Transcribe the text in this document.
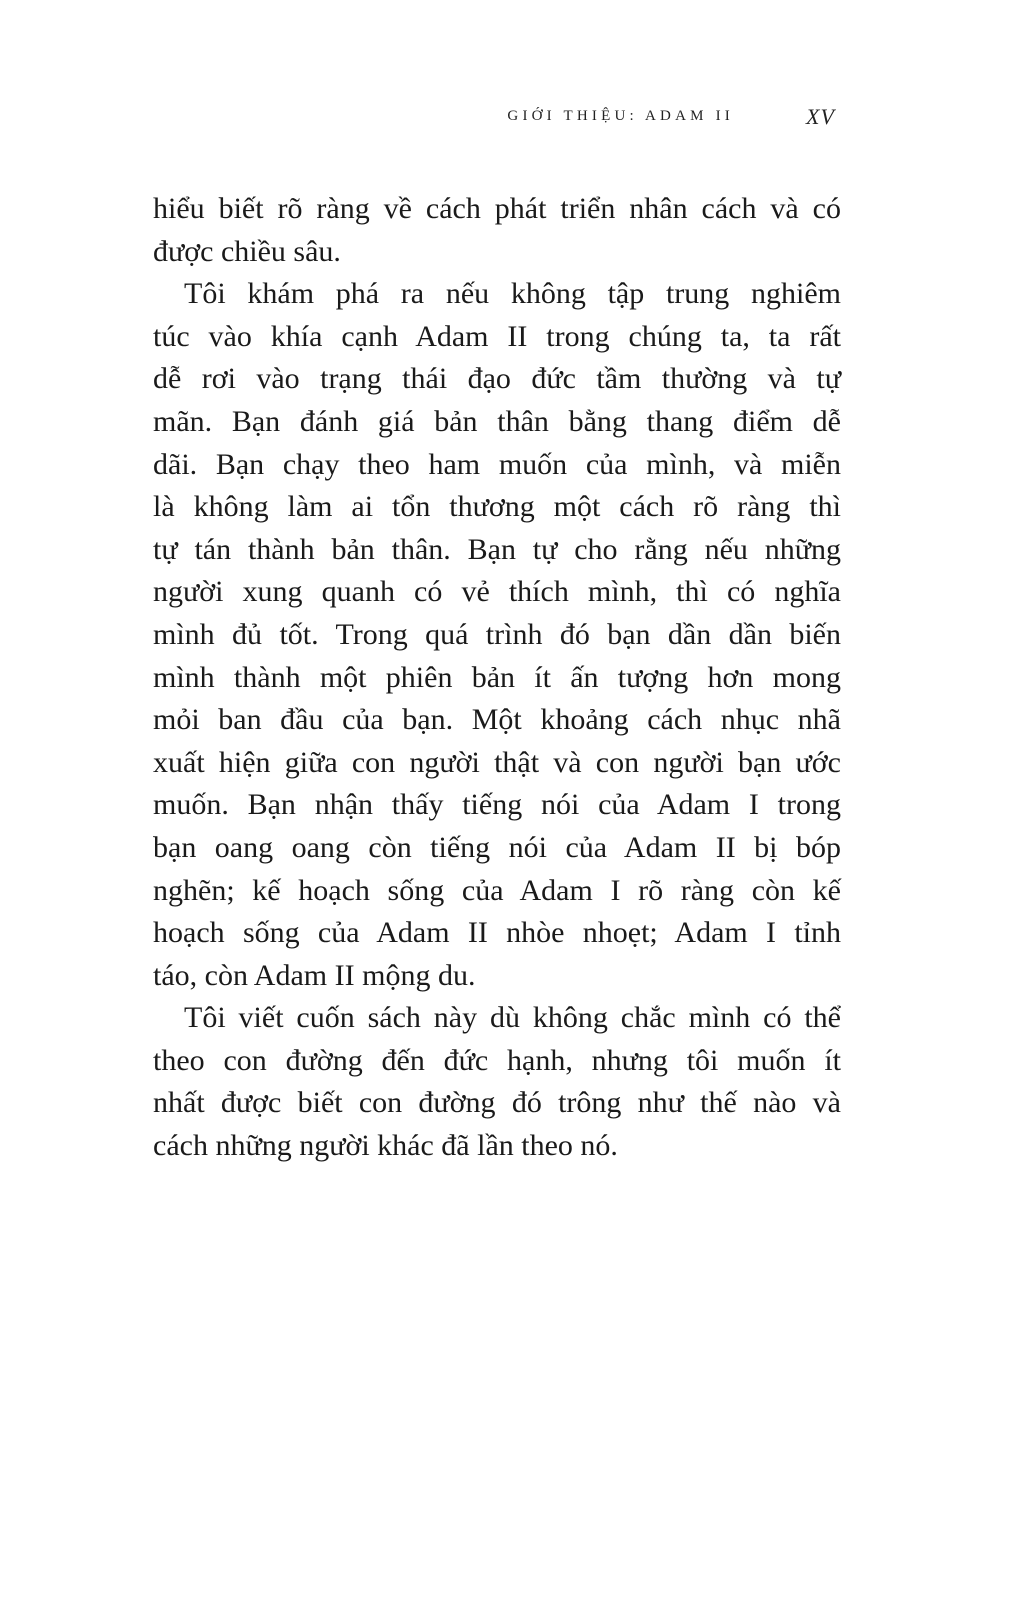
GIỚI THIỆU: ADAM II	XV
hiểu biết rõ ràng về cách phát triển nhân cách và có
được chiều sâu.
Tôi khám phá ra nếu không tập trung nghiêm
túc vào khía cạnh Adam II trong chúng ta, ta rất
dễ rơi vào trạng thái đạo đức tầm thường và tự
mãn. Bạn đánh giá bản thân bằng thang điểm dễ
dãi. Bạn chạy theo ham muốn của mình, và miễn
là không làm ai tổn thương một cách rõ ràng thì
tự tán thành bản thân. Bạn tự cho rằng nếu những
người xung quanh có vẻ thích mình, thì có nghĩa
mình đủ tốt. Trong quá trình đó bạn dần dần biến
mình thành một phiên bản ít ấn tượng hơn mong
mỏi ban đầu của bạn. Một khoảng cách nhục nhã
xuất hiện giữa con người thật và con người bạn ước
muốn. Bạn nhận thấy tiếng nói của Adam I trong
bạn oang oang còn tiếng nói của Adam II bị bóp
nghẽn; kế hoạch sống của Adam I rõ ràng còn kế
hoạch sống của Adam II nhòe nhoẹt; Adam I tỉnh
táo, còn Adam II mộng du.
Tôi viết cuốn sách này dù không chắc mình có thể
theo con đường đến đức hạnh, nhưng tôi muốn ít
nhất được biết con đường đó trông như thế nào và
cách những người khác đã lần theo nó.
